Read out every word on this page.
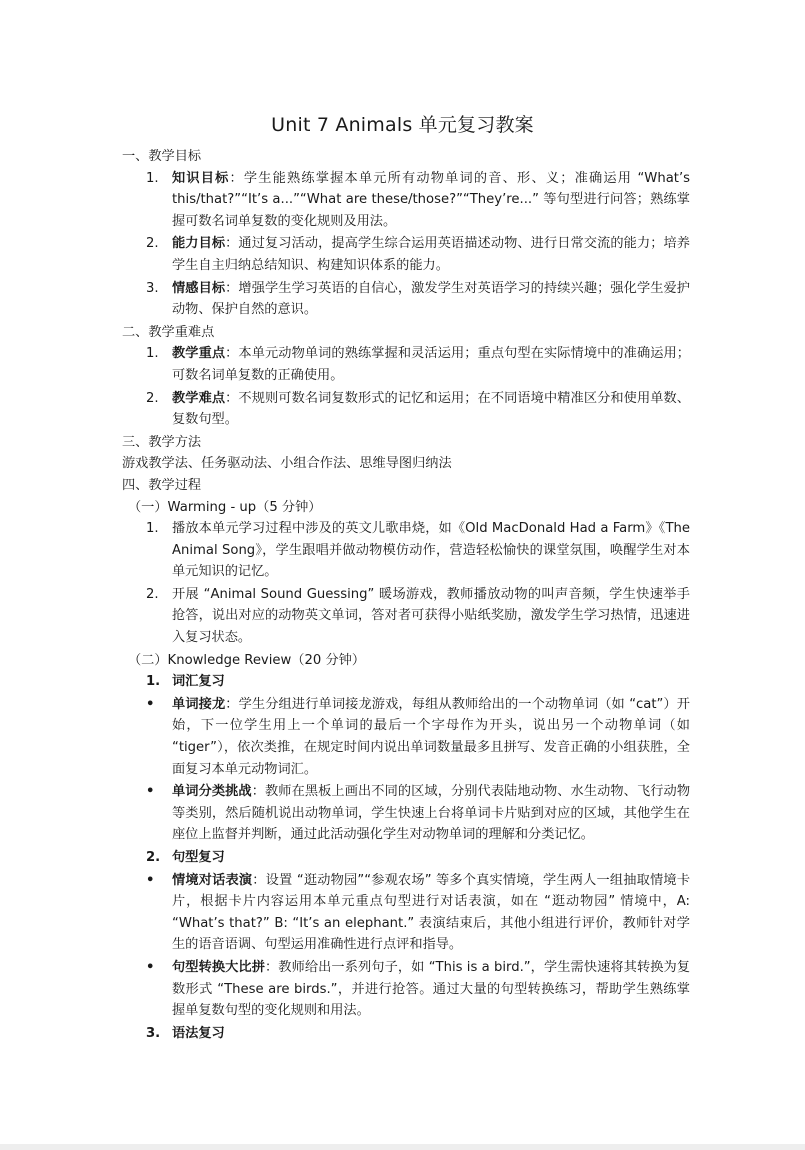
Unit 7 Animals 单元复习教案

一、教学目标

1.	知识目标：学生能熟练掌握本单元所有动物单词的音、形、义；准确运用 “What’s this/that?”“It’s a...”“What are these/those?”“They’re...” 等句型进行问答；熟练掌握可数名词单复数的变化规则及用法。
2.	能力目标：通过复习活动，提高学生综合运用英语描述动物、进行日常交流的能力；培养学生自主归纳总结知识、构建知识体系的能力。
3.	情感目标：增强学生学习英语的自信心，激发学生对英语学习的持续兴趣；强化学生爱护动物、保护自然的意识。

二、教学重难点

1.	教学重点：本单元动物单词的熟练掌握和灵活运用；重点句型在实际情境中的准确运用；可数名词单复数的正确使用。
2.	教学难点：不规则可数名词复数形式的记忆和运用；在不同语境中精准区分和使用单数、复数句型。

三、教学方法

游戏教学法、任务驱动法、小组合作法、思维导图归纳法

四、教学过程

（一）Warming - up（5 分钟）

1.	播放本单元学习过程中涉及的英文儿歌串烧，如《Old MacDonald Had a Farm》《The Animal Song》，学生跟唱并做动物模仿动作，营造轻松愉快的课堂氛围，唤醒学生对本单元知识的记忆。
2.	开展 “Animal Sound Guessing” 暖场游戏，教师播放动物的叫声音频，学生快速举手抢答，说出对应的动物英文单词，答对者可获得小贴纸奖励，激发学生学习热情，迅速进入复习状态。

（二）Knowledge Review（20 分钟）

1. 词汇复习
• 单词接龙：学生分组进行单词接龙游戏，每组从教师给出的一个动物单词（如 “cat”）开始，下一位学生用上一个单词的最后一个字母作为开头，说出另一个动物单词（如 “tiger”），依次类推，在规定时间内说出单词数量最多且拼写、发音正确的小组获胜，全面复习本单元动物词汇。
• 单词分类挑战：教师在黑板上画出不同的区域，分别代表陆地动物、水生动物、飞行动物等类别，然后随机说出动物单词，学生快速上台将单词卡片贴到对应的区域，其他学生在座位上监督并判断，通过此活动强化学生对动物单词的理解和分类记忆。
2. 句型复习
• 情境对话表演：设置 “逛动物园”“参观农场” 等多个真实情境，学生两人一组抽取情境卡片，根据卡片内容运用本单元重点句型进行对话表演，如在 “逛动物园” 情境中，A: “What’s that?” B: “It’s an elephant.” 表演结束后，其他小组进行评价，教师针对学生的语音语调、句型运用准确性进行点评和指导。
• 句型转换大比拼：教师给出一系列句子，如 “This is a bird.”，学生需快速将其转换为复数形式 “These are birds.”，并进行抢答。通过大量的句型转换练习，帮助学生熟练掌握单复数句型的变化规则和用法。
3. 语法复习
